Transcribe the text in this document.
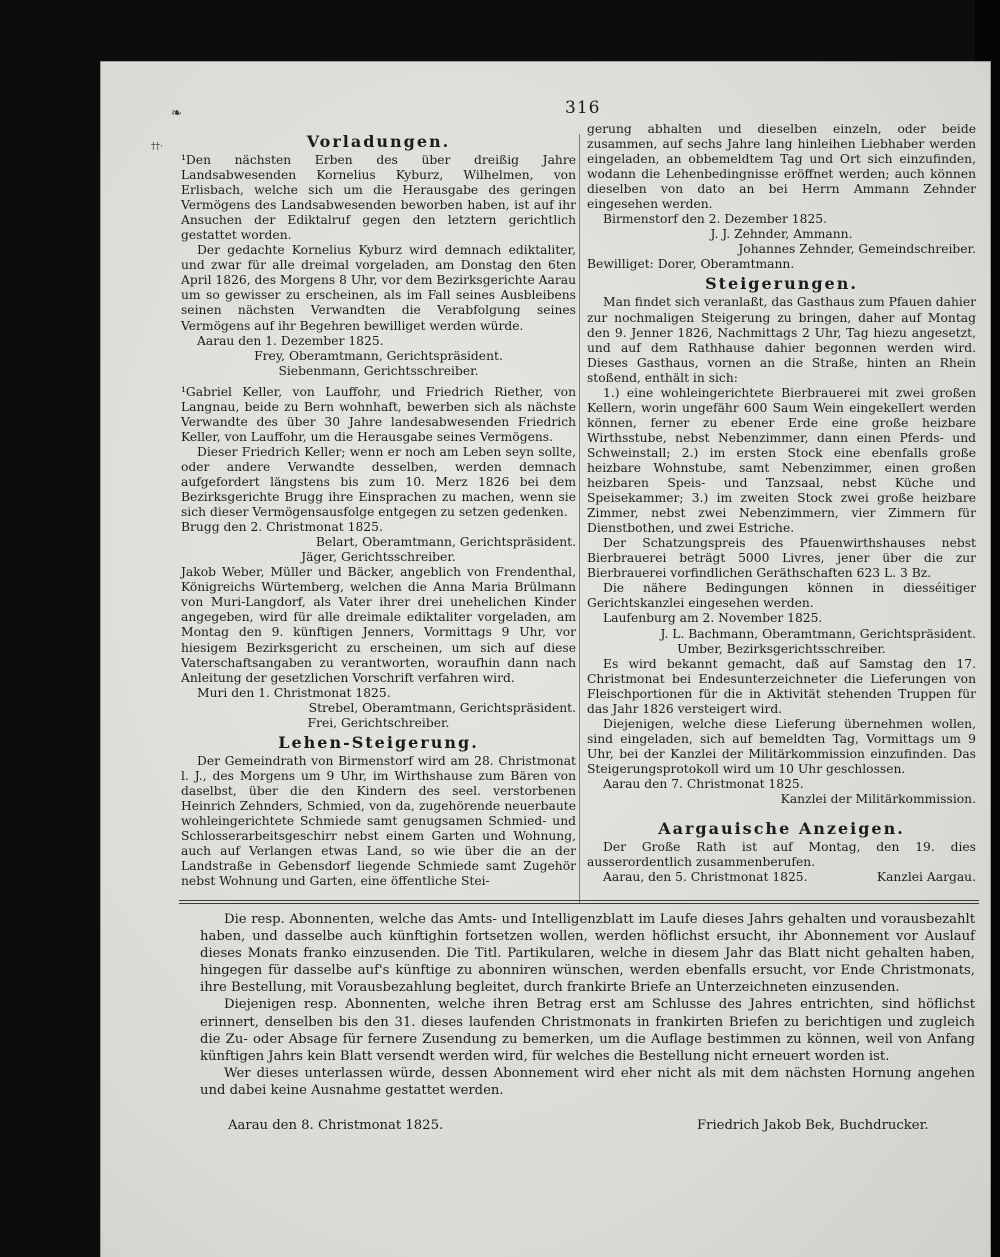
❧
††·
316
Vorladungen.

¹Den nächsten Erben des über dreißig Jahre Landsabwesenden Kornelius Kyburz, Wilhelmen, von Erlisbach, welche sich um die Herausgabe des geringen Vermögens des Landsabwesenden beworben haben, ist auf ihr Ansuchen der Ediktalruf gegen den letztern gerichtlich gestattet worden.

Der gedachte Kornelius Kyburz wird demnach ediktaliter, und zwar für alle dreimal vorgeladen, am Donstag den 6ten April 1826, des Morgens 8 Uhr, vor dem Bezirksgerichte Aarau um so gewisser zu erscheinen, als im Fall seines Ausbleibens seinen nächsten Verwandten die Verabfolgung seines Vermögens auf ihr Begehren bewilliget werden würde.

Aarau den 1. Dezember 1825.

Frey, Oberamtmann, Gerichtspräsident.

Siebenmann, Gerichtsschreiber.

¹Gabriel Keller, von Lauffohr, und Friedrich Riether, von Langnau, beide zu Bern wohnhaft, bewerben sich als nächste Verwandte des über 30 Jahre landesabwesenden Friedrich Keller, von Lauffohr, um die Herausgabe seines Vermögens.

Dieser Friedrich Keller; wenn er noch am Leben seyn sollte, oder andere Verwandte desselben, werden demnach aufgefordert längstens bis zum 10. Merz 1826 bei dem Bezirksgerichte Brugg ihre Einsprachen zu machen, wenn sie sich dieser Vermögensausfolge entgegen zu setzen gedenken.

Brugg den 2. Christmonat 1825.

Belart, Oberamtmann, Gerichtspräsident.

Jäger, Gerichtsschreiber.

Jakob Weber, Müller und Bäcker, angeblich von Frendenthal, Königreichs Würtemberg, welchen die Anna Maria Brülmann von Muri-Langdorf, als Vater ihrer drei unehelichen Kinder angegeben, wird für alle dreimale ediktaliter vorgeladen, am Montag den 9. künftigen Jenners, Vormittags 9 Uhr, vor hiesigem Bezirksgericht zu erscheinen, um sich auf diese Vaterschaftsangaben zu verantworten, woraufhin dann nach Anleitung der gesetzlichen Vorschrift verfahren wird.

Muri den 1. Christmonat 1825.

Strebel, Oberamtmann, Gerichtspräsident.

Frei, Gerichtschreiber.

Lehen-Steigerung.

Der Gemeindrath von Birmenstorf wird am 28. Christmonat l. J., des Morgens um 9 Uhr, im Wirthshause zum Bären von daselbst, über die den Kindern des seel. verstorbenen Heinrich Zehnders, Schmied, von da, zugehörende neuerbaute wohleingerichtete Schmiede samt genugsamen Schmied- und Schlosserarbeitsgeschirr nebst einem Garten und Wohnung, auch auf Verlangen etwas Land, so wie über die an der Landstraße in Gebensdorf liegende Schmiede samt Zugehör nebst Wohnung und Garten, eine öffentliche Stei-

gerung abhalten und dieselben einzeln, oder beide zusammen, auf sechs Jahre lang hinleihen Liebhaber werden eingeladen, an obbemeldtem Tag und Ort sich einzufinden, wodann die Lehenbedingnisse eröffnet werden; auch können dieselben von dato an bei Herrn Ammann Zehnder eingesehen werden.

Birmenstorf den 2. Dezember 1825.

J. J. Zehnder, Ammann.

Johannes Zehnder, Gemeindschreiber.

Bewilliget: Dorer, Oberamtmann.

Steigerungen.

Man findet sich veranlaßt, das Gasthaus zum Pfauen dahier zur nochmaligen Steigerung zu bringen, daher auf Montag den 9. Jenner 1826, Nachmittags 2 Uhr, Tag hiezu angesetzt, und auf dem Rathhause dahier begonnen werden wird. Dieses Gasthaus, vornen an die Straße, hinten an Rhein stoßend, enthält in sich:

1.) eine wohleingerichtete Bierbrauerei mit zwei großen Kellern, worin ungefähr 600 Saum Wein eingekellert werden können, ferner zu ebener Erde eine große heizbare Wirthsstube, nebst Nebenzimmer, dann einen Pferds- und Schweinstall; 2.) im ersten Stock eine ebenfalls große heizbare Wohnstube, samt Nebenzimmer, einen großen heizbaren Speis- und Tanzsaal, nebst Küche und Speisekammer; 3.) im zweiten Stock zwei große heizbare Zimmer, nebst zwei Nebenzimmern, vier Zimmern für Dienstbothen, und zwei Estriche.

Der Schatzungspreis des Pfauenwirthshauses nebst Bierbrauerei beträgt 5000 Livres, jener über die zur Bierbrauerei vorfindlichen Geräthschaften 623 L. 3 Bz.

Die nähere Bedingungen können in diesséitiger Gerichtskanzlei eingesehen werden.

Laufenburg am 2. November 1825.

J. L. Bachmann, Oberamtmann, Gerichtspräsident.

Umber, Bezirksgerichtsschreiber.

Es wird bekannt gemacht, daß auf Samstag den 17. Christmonat bei Endesunterzeichneter die Lieferungen von Fleischportionen für die in Aktivität stehenden Truppen für das Jahr 1826 versteigert wird.

Diejenigen, welche diese Lieferung übernehmen wollen, sind eingeladen, sich auf bemeldten Tag, Vormittags um 9 Uhr, bei der Kanzlei der Militärkommission einzufinden. Das Steigerungsprotokoll wird um 10 Uhr geschlossen.

Aarau den 7. Christmonat 1825.

Kanzlei der Militärkommission.

Aargauische Anzeigen.

Der Große Rath ist auf Montag, den 19. dies ausserordentlich zusammenberufen.

Aarau, den 5. Christmonat 1825.	Kanzlei Aargau.

Die resp. Abonnenten, welche das Amts- und Intelligenzblatt im Laufe dieses Jahrs gehalten und vorausbezahlt haben, und dasselbe auch künftighin fortsetzen wollen, werden höflichst ersucht, ihr Abonnement vor Auslauf dieses Monats franko einzusenden. Die Titl. Partikularen, welche in diesem Jahr das Blatt nicht gehalten haben, hingegen für dasselbe auf's künftige zu abonniren wünschen, werden ebenfalls ersucht, vor Ende Christmonats, ihre Bestellung, mit Vorausbezahlung begleitet, durch frankirte Briefe an Unterzeichneten einzusenden.

Diejenigen resp. Abonnenten, welche ihren Betrag erst am Schlusse des Jahres entrichten, sind höflichst erinnert, denselben bis den 31. dieses laufenden Christmonats in frankirten Briefen zu berichtigen und zugleich die Zu- oder Absage für fernere Zusendung zu bemerken, um die Auflage bestimmen zu können, weil von Anfang künftigen Jahrs kein Blatt versendt werden wird, für welches die Bestellung nicht erneuert worden ist.

Wer dieses unterlassen würde, dessen Abonnement wird eher nicht als mit dem nächsten Hornung angehen und dabei keine Ausnahme gestattet werden.

Aarau den 8. Christmonat 1825.	Friedrich Jakob Bek, Buchdrucker.
